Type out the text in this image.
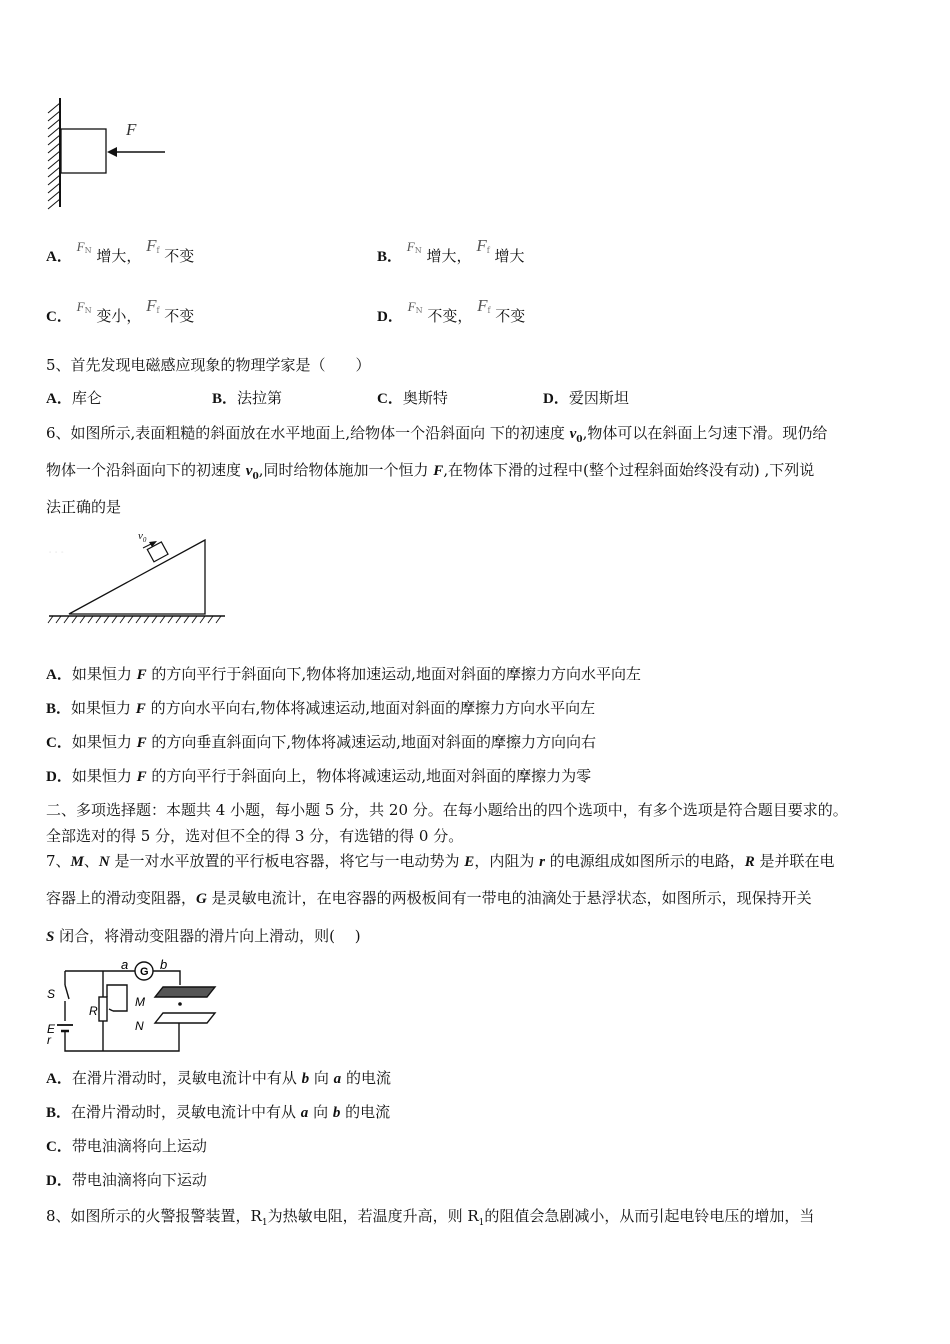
F
A． $F^N$ 增大， $F^f$ 不变	B． $F^N$ 增大， $F^f$ 增大
C． $F^N$ 变小， $F^f$ 不变	D． $F^N$ 不变， $F^f$ 不变
5、首先发现电磁感应现象的物理学家是（　　）
A．库仑	B．法拉第	C．奥斯特	D．爱因斯坦
6、如图所示,表面粗糙的斜面放在水平地面上,给物体一个沿斜面向 下的初速度 $v_0$,物体可以在斜面上匀速下滑。现仍给
物体一个沿斜面向下的初速度 $v_0$,同时给物体施加一个恒力 F,在物体下滑的过程中(整个过程斜面始终没有动) ,下列说
法正确的是
ﾟ ﾟ ﾟ
$v_0$
A．如果恒力 F 的方向平行于斜面向下,物体将加速运动,地面对斜面的摩擦力方向水平向左
B．如果恒力 F 的方向水平向右,物体将减速运动,地面对斜面的摩擦力方向水平向左
C．如果恒力 F 的方向垂直斜面向下,物体将减速运动,地面对斜面的摩擦力方向向右
D．如果恒力 F 的方向平行于斜面向上，物体将减速运动,地面对斜面的摩擦力为零
二、多项选择题：本题共 4 小题，每小题 5 分，共 20 分。在每小题给出的四个选项中，有多个选项是符合题目要求的。
全部选对的得 5 分，选对但不全的得 3 分，有选错的得 0 分。
7、M、N 是一对水平放置的平行板电容器，将它与一电动势为 E，内阻为 r 的电源组成如图所示的电路，R 是并联在电
容器上的滑动变阻器，G 是灵敏电流计，在电容器的两极板间有一带电的油滴处于悬浮状态，如图所示，现保持开关
S 闭合，将滑动变阻器的滑片向上滑动，则(　 )
G
a b
S
R
M
N
E
r
A．在滑片滑动时，灵敏电流计中有从 b 向 a 的电流
B．在滑片滑动时，灵敏电流计中有从 a 向 b 的电流
C．带电油滴将向上运动
D．带电油滴将向下运动
8、如图所示的火警报警装置，$R_1$为热敏电阻，若温度升高，则 $R_1$的阻值会急剧减小，从而引起电铃电压的增加，当
